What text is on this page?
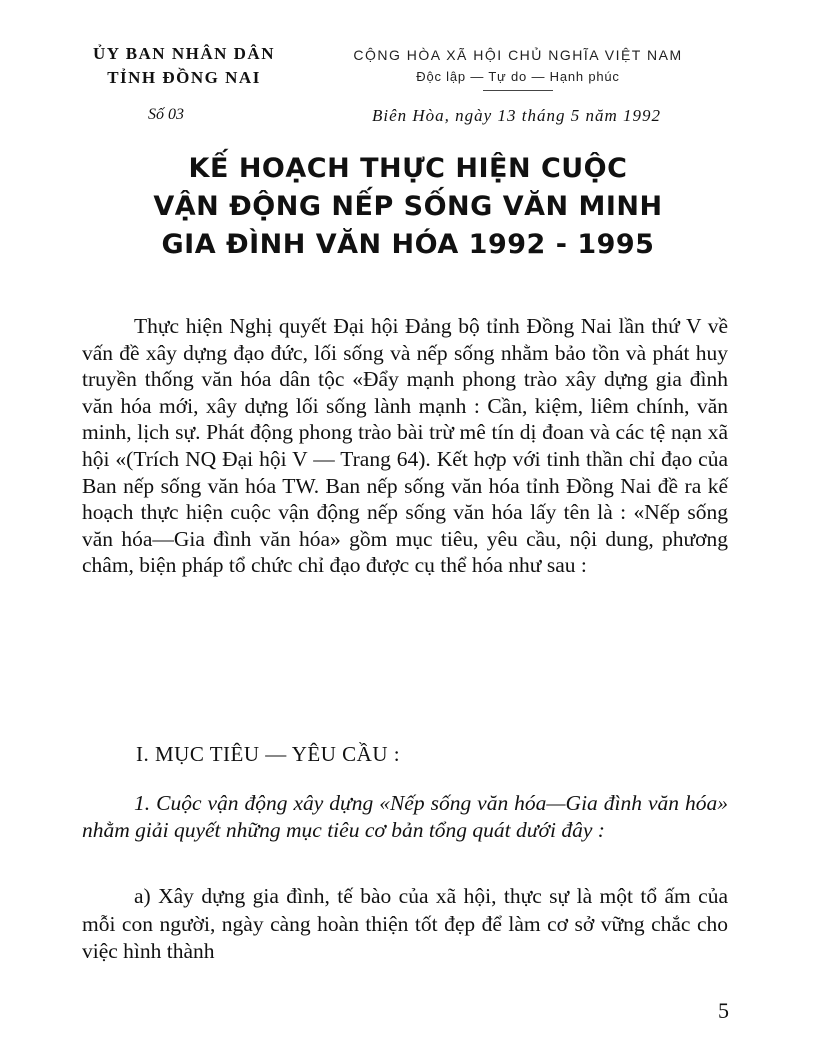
ỦY BAN NHÂN DÂN
TỈNH ĐỒNG NAI
CỘNG HÒA XÃ HỘI CHỦ NGHĨA VIỆT NAM
Độc lập — Tự do — Hạnh phúc
Số 03	Biên Hòa, ngày 13 tháng 5 năm 1992
KẾ HOẠCH THỰC HIỆN CUỘC
VẬN ĐỘNG NẾP SỐNG VĂN MINH
GIA ĐÌNH VĂN HÓA 1992 - 1995

Thực hiện Nghị quyết Đại hội Đảng bộ tỉnh Đồng Nai lần thứ V về vấn đề xây dựng đạo đức, lối sống và nếp sống nhằm bảo tồn và phát huy truyền thống văn hóa dân tộc «Đẩy mạnh phong trào xây dựng gia đình văn hóa mới, xây dựng lối sống lành mạnh : Cần, kiệm, liêm chính, văn minh, lịch sự. Phát động phong trào bài trừ mê tín dị đoan và các tệ nạn xã hội «(Trích NQ Đại hội V — Trang 64). Kết hợp với tinh thần chỉ đạo của Ban nếp sống văn hóa TW. Ban nếp sống văn hóa tỉnh Đồng Nai đề ra kế hoạch thực hiện cuộc vận động nếp sống văn hóa lấy tên là : «Nếp sống văn hóa—Gia đình văn hóa» gồm mục tiêu, yêu cầu, nội dung, phương châm, biện pháp tổ chức chỉ đạo được cụ thể hóa như sau :

I. MỤC TIÊU — YÊU CẦU :

1. Cuộc vận động xây dựng «Nếp sống văn hóa—Gia đình văn hóa» nhằm giải quyết những mục tiêu cơ bản tổng quát dưới đây :

a) Xây dựng gia đình, tế bào của xã hội, thực sự là một tổ ấm của mỗi con người, ngày càng hoàn thiện tốt đẹp để làm cơ sở vững chắc cho việc hình thành

5
